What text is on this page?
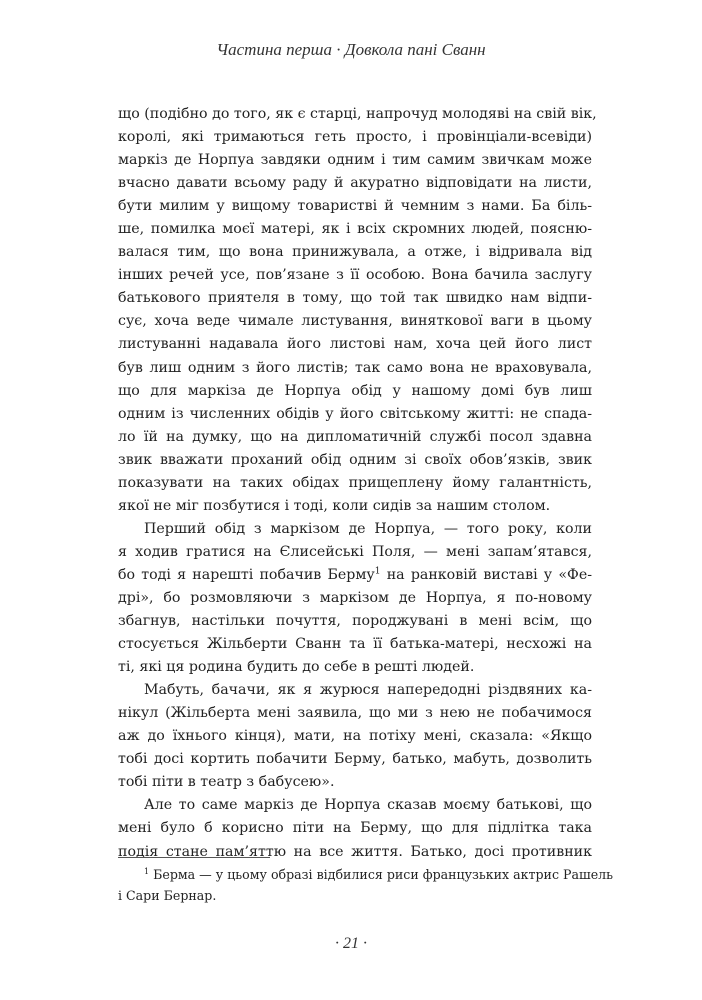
Частина перша · Довкола пані Сванн
що (подібно до того, як є старці, напрочуд молодяві на свій вік,
королі, які тримаються геть просто, і провінціали-всевіди)
маркіз де Норпуа завдяки одним і тим самим звичкам може
вчасно давати всьому раду й акуратно відповідати на листи,
бути милим у вищому товаристві й чемним з нами. Ба біль-
ше, помилка моєї матері, як і всіх скромних людей, поясню-
валася тим, що вона принижувала, а отже, і відривала від
інших речей усе, пов’язане з її особою. Вона бачила заслугу
батькового приятеля в тому, що той так швидко нам відпи-
сує, хоча веде чимале листування, виняткової ваги в цьому
листуванні надавала його листові нам, хоча цей його лист
був лиш одним з його листів; так само вона не враховувала,
що для маркіза де Норпуа обід у нашому домі був лиш
одним із численних обідів у його світському житті: не спада-
ло їй на думку, що на дипломатичній службі посол здавна
звик вважати проханий обід одним зі своїх обов’язків, звик
показувати на таких обідах прищеплену йому галантність,
якої не міг позбутися і тоді, коли сидів за нашим столом.
Перший обід з маркізом де Норпуа, — того року, коли
я ходив гратися на Єлисейські Поля, — мені запам’ятався,
бо тоді я нарешті побачив Берму$^1$ на ранковій виставі у «Фе-
дрі», бо розмовляючи з маркізом де Норпуа, я по-новому
збагнув, настільки почуття, породжувані в мені всім, що
стосується Жільберти Сванн та її батька-матері, несхожі на
ті, які ця родина будить до себе в решті людей.
Мабуть, бачачи, як я журюся напередодні різдвяних ка-
нікул (Жільберта мені заявила, що ми з нею не побачимося
аж до їхнього кінця), мати, на потіху мені, сказала: «Якщо
тобі досі кортить побачити Берму, батько, мабуть, дозволить
тобі піти в театр з бабусею».
Але то саме маркіз де Норпуа сказав моєму батькові, що
мені було б корисно піти на Берму, що для підлітка така
подія стане пам’яттю на все життя. Батько, досі противник
$^1$ Берма — у цьому образі відбилися риси французьких актрис Рашель
і Сари Бернар.
· 21 ·
